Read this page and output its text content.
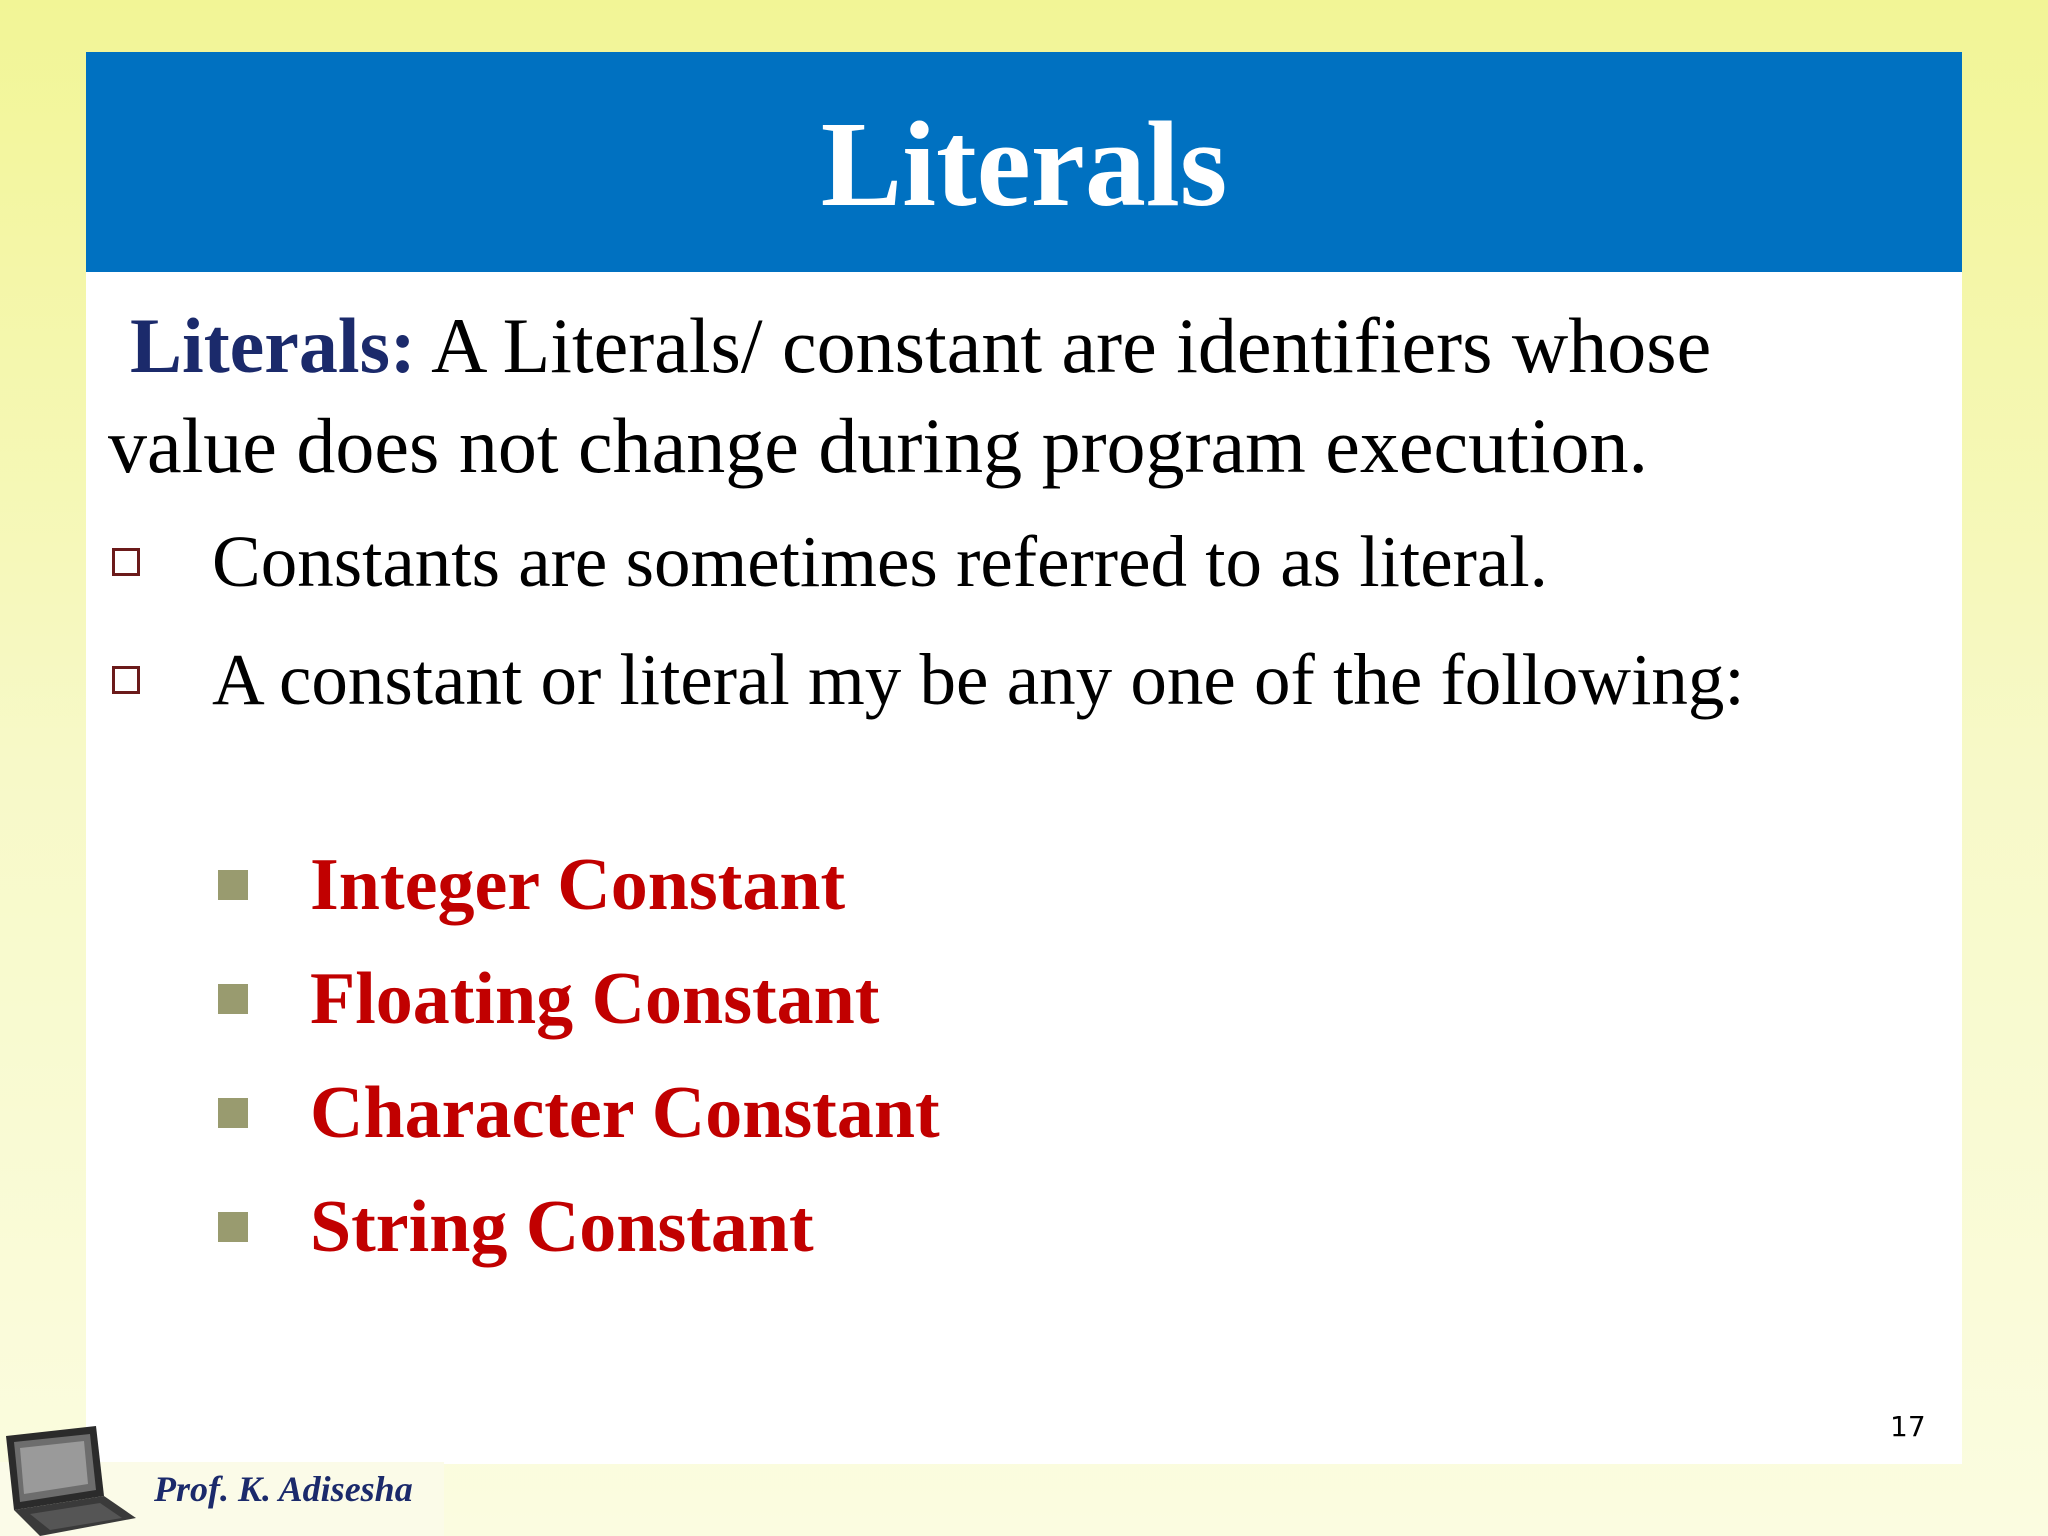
Literals
Literals: A Literals/ constant are identifiers whose
value does not change during program execution.
Constants are sometimes referred to as literal.
A constant or literal my be any one of the following:
Integer Constant
Floating Constant
Character Constant
String Constant
17
Prof. K. Adisesha
